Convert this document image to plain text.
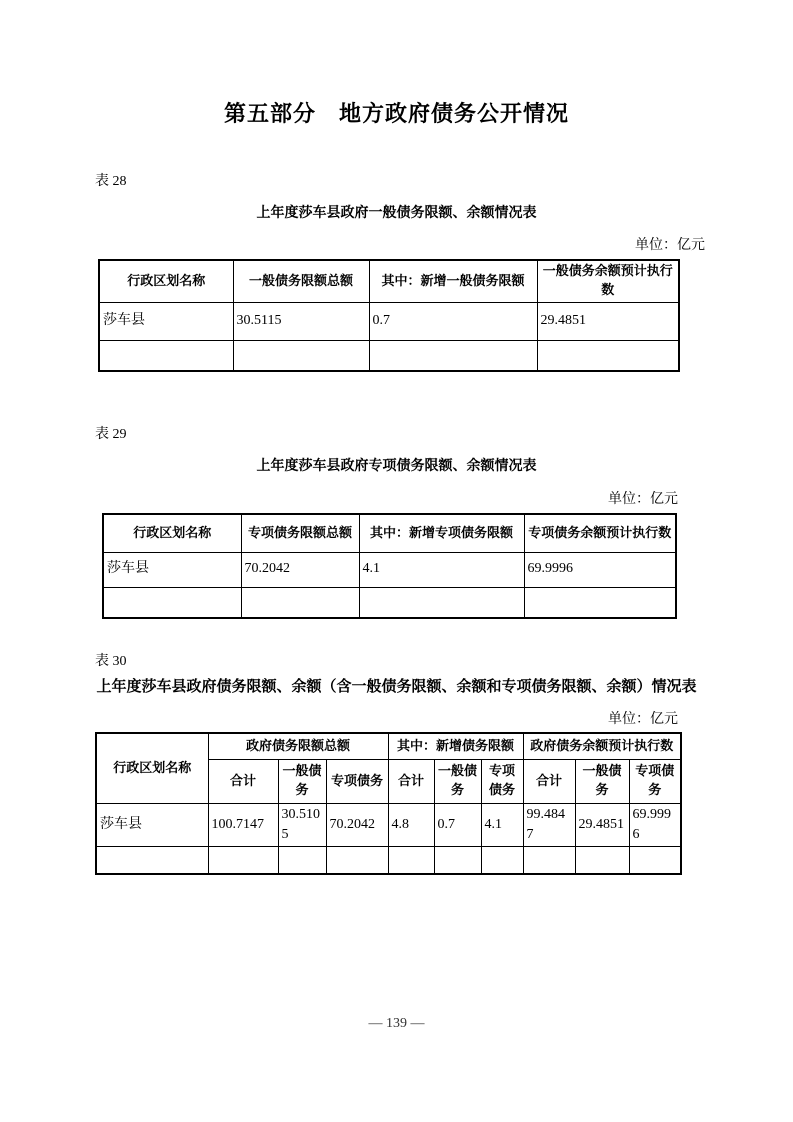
第五部分　地方政府债务公开情况
表 28
上年度莎车县政府一般债务限额、余额情况表
单位：亿元
行政区划名称	一般债务限额总额	其中：新增一般债务限额	一般债务余额预计执行数
莎车县	30.5115	0.7	29.4851

表 29
上年度莎车县政府专项债务限额、余额情况表
单位：亿元
行政区划名称	专项债务限额总额	其中：新增专项债务限额	专项债务余额预计执行数
莎车县	70.2042	4.1	69.9996

表 30
上年度莎车县政府债务限额、余额（含一般债务限额、余额和专项债务限额、余额）情况表
单位：亿元
行政区划名称	政府债务限额总额			其中：新增债务限额			政府债务余额预计执行数		
	合计	一般债务	专项债务	合计	一般债务	专项债务	合计	一般债务	专项债务
莎车县	100.7147	30.5105	70.2042	4.8	0.7	4.1	99.4847	29.4851	69.9996

— 139 —
